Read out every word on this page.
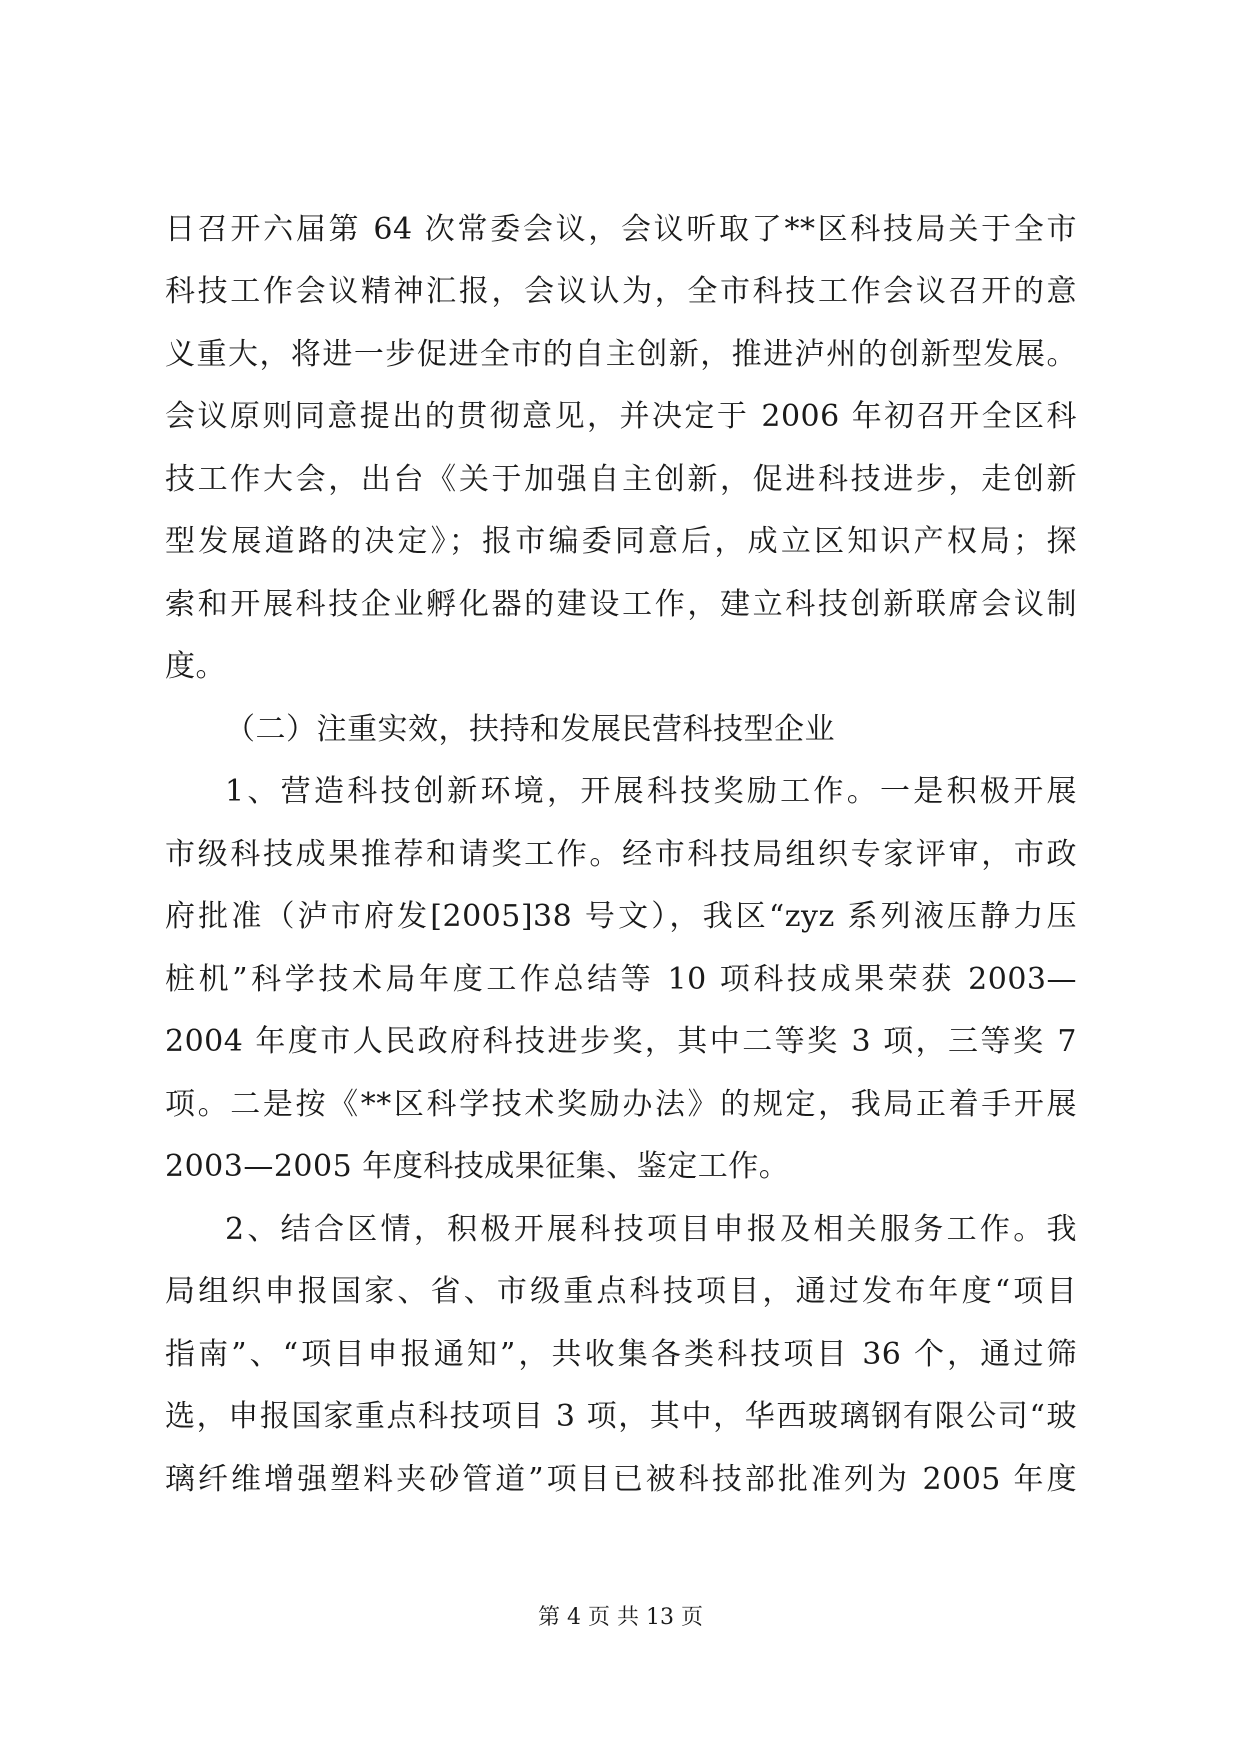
日召开六届第 64 次常委会议，会议听取了**区科技局关于全市
科技工作会议精神汇报，会议认为，全市科技工作会议召开的意
义重大，将进一步促进全市的自主创新，推进泸州的创新型发展。
会议原则同意提出的贯彻意见，并决定于 2006 年初召开全区科
技工作大会，出台《关于加强自主创新，促进科技进步，走创新
型发展道路的决定》；报市编委同意后，成立区知识产权局；探
索和开展科技企业孵化器的建设工作，建立科技创新联席会议制
度。
（二）注重实效，扶持和发展民营科技型企业
1、营造科技创新环境，开展科技奖励工作。一是积极开展
市级科技成果推荐和请奖工作。经市科技局组织专家评审，市政
府批准（泸市府发[2005]38 号文），我区“zyz 系列液压静力压
桩机”科学技术局年度工作总结等 10 项科技成果荣获 2003—
2004 年度市人民政府科技进步奖，其中二等奖 3 项，三等奖 7
项。二是按《**区科学技术奖励办法》的规定，我局正着手开展
2003—2005 年度科技成果征集、鉴定工作。
2、结合区情，积极开展科技项目申报及相关服务工作。我
局组织申报国家、省、市级重点科技项目，通过发布年度“项目
指南”、“项目申报通知”，共收集各类科技项目 36 个，通过筛
选，申报国家重点科技项目 3 项，其中，华西玻璃钢有限公司“玻
璃纤维增强塑料夹砂管道”项目已被科技部批准列为 2005 年度
第 4 页 共 13 页
